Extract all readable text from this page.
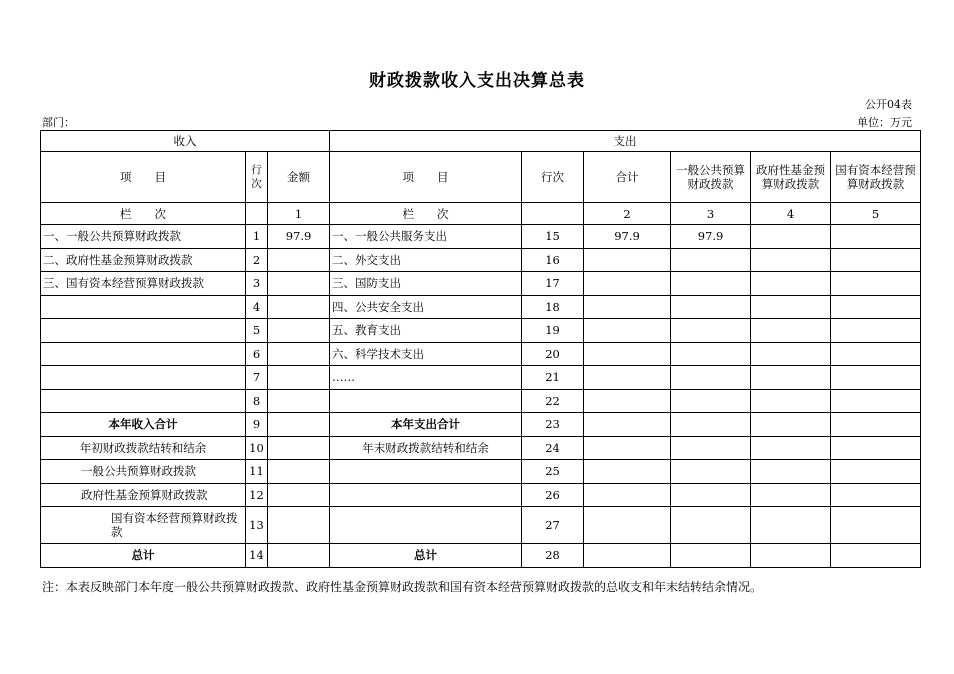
财政拨款收入支出决算总表
公开04表
部门：	单位：万元
收入			支出					
项　　目	行次	金额	项　　目	行次	合计	一般公共预算财政拨款	政府性基金预算财政拨款	国有资本经营预算财政拨款
栏　　次		1	栏　　次		2	3	4	5
一、一般公共预算财政拨款	1	97.9	一、一般公共服务支出	15	97.9	97.9		
二、政府性基金预算财政拨款	2		二、外交支出	16				
三、国有资本经营预算财政拨款	3		三、国防支出	17				
	4		四、公共安全支出	18				
	5		五、教育支出	19				
	6		六、科学技术支出	20				
	7		……	21				
	8			22				
本年收入合计	9		本年支出合计	23				
年初财政拨款结转和结余	10		年末财政拨款结转和结余	24				
一般公共预算财政拨款	11			25				
政府性基金预算财政拨款	12			26				
国有资本经营预算财政拨款	13			27				
总计	14		总计	28				
注：本表反映部门本年度一般公共预算财政拨款、政府性基金预算财政拨款和国有资本经营预算财政拨款的总收支和年末结转结余情况。
